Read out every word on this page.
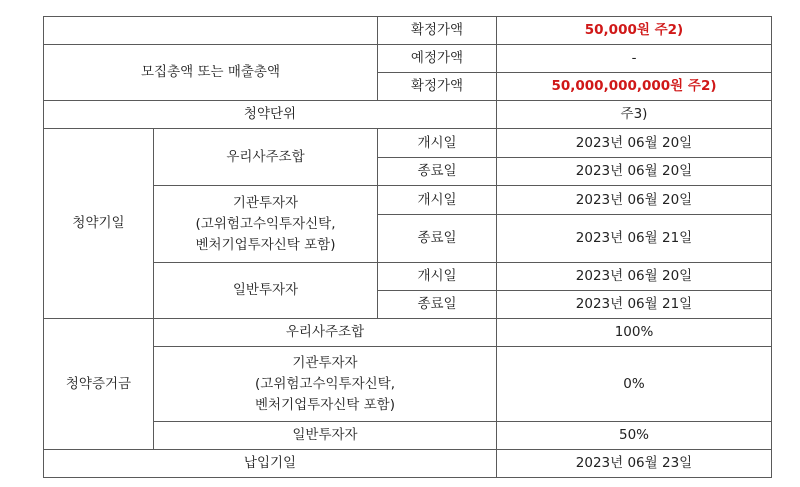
		확정가액	50,000원 주2)
모집총액 또는 매출총액		예정가액	-
		확정가액	50,000,000,000원 주2)
청약단위			주3)
청약기일	우리사주조합	개시일	2023년 06월 20일
		종료일	2023년 06월 20일
	기관투자자
(고위험고수익투자신탁,
벤처기업투자신탁 포함)	개시일	2023년 06월 20일
		종료일	2023년 06월 21일
	일반투자자	개시일	2023년 06월 20일
		종료일	2023년 06월 21일
청약증거금	우리사주조합		100%
	기관투자자
(고위험고수익투자신탁,
벤처기업투자신탁 포함)		0%
	일반투자자		50%
납입기일			2023년 06월 23일
